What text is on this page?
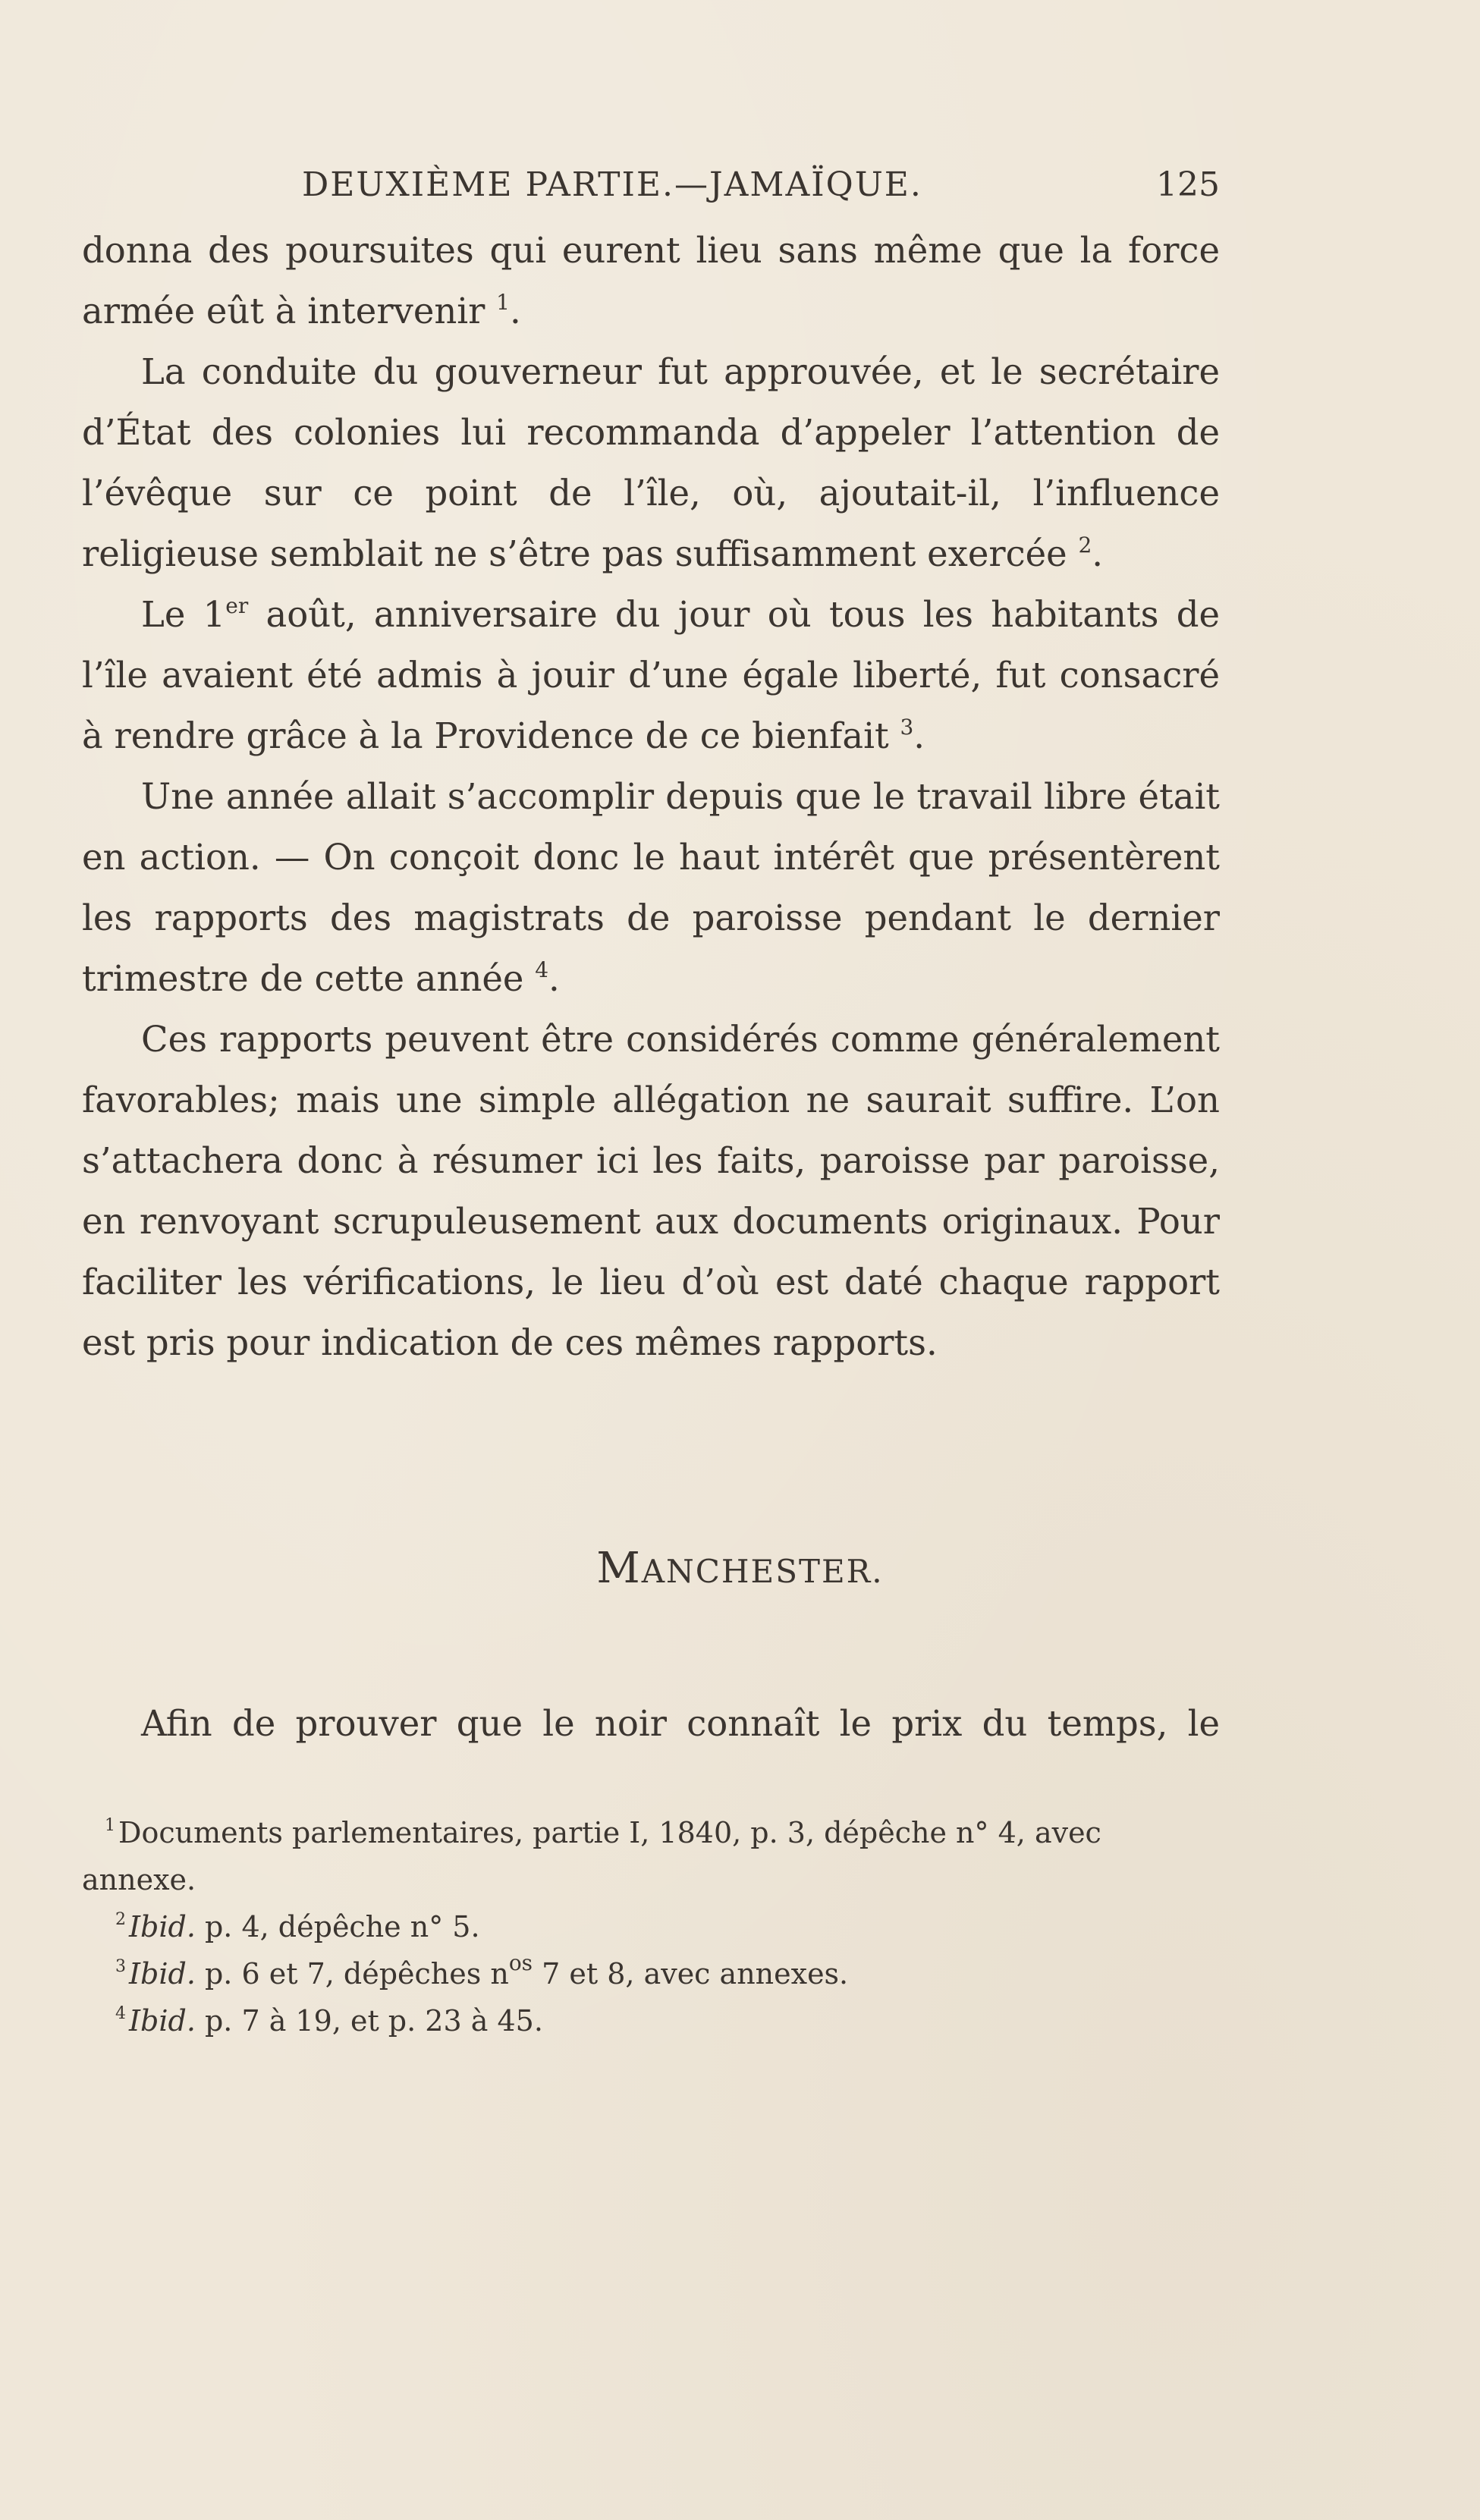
DEUXIÈME PARTIE.—JAMAÏQUE.	125

donna des poursuites qui eurent lieu sans même que la force armée eût à intervenir $^1$.

La conduite du gouverneur fut approuvée, et le secrétaire d’État des colonies lui recommanda d’appeler l’attention de l’évêque sur ce point de l’île, où, ajoutait-il, l’influence religieuse semblait ne s’être pas suffisamment exercée $^2$.

Le 1er août, anniversaire du jour où tous les habitants de l’île avaient été admis à jouir d’une égale liberté, fut consacré à rendre grâce à la Providence de ce bienfait $^3$.

Une année allait s’accomplir depuis que le travail libre était en action. — On conçoit donc le haut intérêt que présentèrent les rapports des magistrats de paroisse pendant le dernier trimestre de cette année $^4$.

Ces rapports peuvent être considérés comme généralement favorables; mais une simple allégation ne saurait suffire. L’on s’attachera donc à résumer ici les faits, paroisse par paroisse, en renvoyant scrupuleusement aux documents originaux. Pour faciliter les vérifications, le lieu d’où est daté chaque rapport est pris pour indication de ces mêmes rapports.

MANCHESTER.

Afin de prouver que le noir connaît le prix du temps, le

$^1$ Documents parlementaires, partie I, 1840, p. 3, dépêche n° 4, avec annexe.

$^2$ Ibid. p. 4, dépêche n° 5.

$^3$ Ibid. p. 6 et 7, dépêches $n^{os}$ 7 et 8, avec annexes.

$^4$ Ibid. p. 7 à 19, et p. 23 à 45.
